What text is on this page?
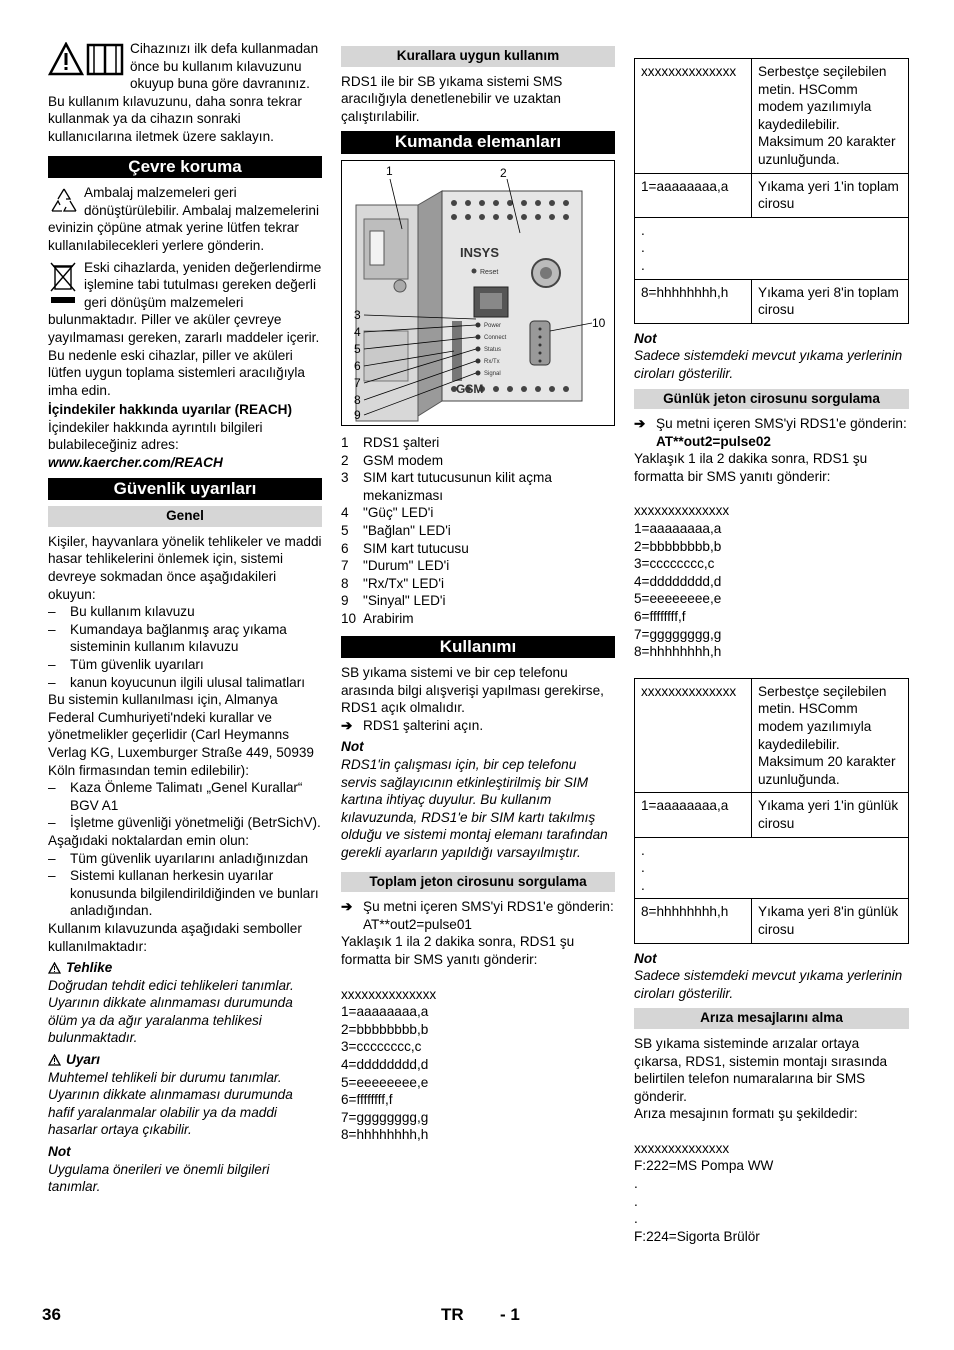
Cihazınızı ilk defa kullanmadan önce bu kullanım kılavuzunu okuyup buna göre davranınız. Bu kullanım kılavuzunu, daha sonra tekrar kullanmak ya da cihazın sonraki kullanıcılarına iletmek üzere saklayın.

Çevre koruma

Ambalaj malzemeleri geri dönüştürülebilir. Ambalaj malzemelerini evinizin çöpüne atmak yerine lütfen tekrar kullanılabilecekleri yerlere gönderin.

Eski cihazlarda, yeniden değerlendirme işlemine tabi tutulması gereken değerli geri dönüşüm malzemeleri bulunmaktadır. Piller ve aküler çevreye yayılmaması gereken, zararlı maddeler içerir. Bu nedenle eski cihazlar, piller ve aküleri lütfen uygun toplama sistemleri aracılığıyla imha edin.

İçindekiler hakkında uyarılar (REACH)

İçindekiler hakkında ayrıntılı bilgileri bulabileceğiniz adres:

www.kaercher.com/REACH

Güvenlik uyarıları
Genel

Kişiler, hayvanlara yönelik tehlikeler ve maddi hasar tehlikelerini önlemek için, sistemi devreye sokmadan önce aşağıdakileri okuyun:

–	Bu kullanım kılavuzu
–	Kumandaya bağlanmış araç yıkama sisteminin kullanım kılavuzu
–	Tüm güvenlik uyarıları
–	kanun koyucunun ilgili ulusal talimatları

Bu sistemin kullanılması için, Almanya Federal Cumhuriyeti'ndeki kurallar ve yönetmelikler geçerlidir (Carl Heymanns Verlag KG, Luxemburger Straße 449, 50939 Köln firmasından temin edilebilir):

–	Kaza Önleme Talimatı „Genel Kurallar“ BGV A1
–	İşletme güvenliği yönetmeliği (BetrSichV).

Aşağıdaki noktalardan emin olun:

–	Tüm güvenlik uyarılarını anladığınızdan
–	Sistemi kullanan herkesin uyarılar konusunda bilgilendirildiğinden ve bunları anladığından.

Kullanım kılavuzunda aşağıdaki semboller kullanılmaktadır:

Tehlike

Doğrudan tehdit edici tehlikeleri tanımlar. Uyarının dikkate alınmaması durumunda ölüm ya da ağır yaralanma tehlikesi bulunmaktadır.

Uyarı

Muhtemel tehlikeli bir durumu tanımlar. Uyarının dikkate alınmaması durumunda hafif yaralanmalar olabilir ya da maddi hasarlar ortaya çıkabilir.

Not

Uygulama önerileri ve önemli bilgileri tanımlar.

Kurallara uygun kullanım

RDS1 ile bir SB yıkama sistemi SMS aracılığıyla denetlenebilir ve uzaktan çalıştırılabilir.

Kumanda elemanları
INSYS
Reset
Power
Connect
Status
Rx/Tx
Signal
GSM
1	2
3
4
5
6
7
8
9
10
1	RDS1 şalteri
2	GSM modem
3	SIM kart tutucusunun kilit açma mekanizması
4	"Güç" LED'i
5	"Bağlan" LED'i
6	SIM kart tutucusu
7	"Durum" LED'i
8	"Rx/Tx" LED'i
9	"Sinyal" LED'i
10 Arabirim
Kullanımı

SB yıkama sistemi ve bir cep telefonu arasında bilgi alışverişi yapılması gerekirse, RDS1 açık olmalıdır.

➔ RDS1 şalterini açın.

Not

RDS1'in çalışması için, bir cep telefonu servis sağlayıcının etkinleştirilmiş bir SIM kartına ihtiyaç duyulur. Bu kullanım kılavuzunda, RDS1'e bir SIM kartı takılmış olduğu ve sistemi montaj elemanı tarafından gerekli ayarların yapıldığı varsayılmıştır.

Toplam jeton cirosunu sorgulama
➔ Şu metni içeren SMS'yi RDS1'e gönderin:

AT**out2=pulse01

Yaklaşık 1 ila 2 dakika sonra, RDS1 şu formatta bir SMS yanıtı gönderir:

xxxxxxxxxxxxxx
1=aaaaaaaa,a
2=bbbbbbbb,b
3=cccccccc,c
4=dddddddd,d
5=eeeeeeee,e
6=ffffffff,f
7=gggggggg,g
8=hhhhhhhh,h

xxxxxxxxxxxxxx	Serbestçe seçilebilen metin. HSComm modem yazılımıyla kaydedilebilir. Maksimum 20 karakter uzunluğunda.
1=aaaaaaaa,a	Yıkama yeri 1'in toplam cirosu
.
.
.	
8=hhhhhhhh,h	Yıkama yeri 8'in toplam cirosu

Not

Sadece sistemdeki mevcut yıkama yerlerinin ciroları gösterilir.

Günlük jeton cirosunu sorgulama
➔ Şu metni içeren SMS'yi RDS1'e gönderin:

AT**out2=pulse02

Yaklaşık 1 ila 2 dakika sonra, RDS1 şu formatta bir SMS yanıtı gönderir:

xxxxxxxxxxxxxx
1=aaaaaaaa,a
2=bbbbbbbb,b
3=cccccccc,c
4=dddddddd,d
5=eeeeeeee,e
6=ffffffff,f
7=gggggggg,g
8=hhhhhhhh,h

xxxxxxxxxxxxxx	Serbestçe seçilebilen metin. HSComm modem yazılımıyla kaydedilebilir. Maksimum 20 karakter uzunluğunda.
1=aaaaaaaa,a	Yıkama yeri 1'in günlük cirosu
.
.
.	
8=hhhhhhhh,h	Yıkama yeri 8'in günlük cirosu

Not

Sadece sistemdeki mevcut yıkama yerlerinin ciroları gösterilir.

Arıza mesajlarını alma

SB yıkama sisteminde arızalar ortaya çıkarsa, RDS1, sistemin montajı sırasında belirtilen telefon numaralarına bir SMS gönderir.

Arıza mesajının formatı şu şekildedir:

xxxxxxxxxxxxxx
F:222=MS Pompa WW
.
.
.
F:224=Sigorta Brülör

36	TR - 1
